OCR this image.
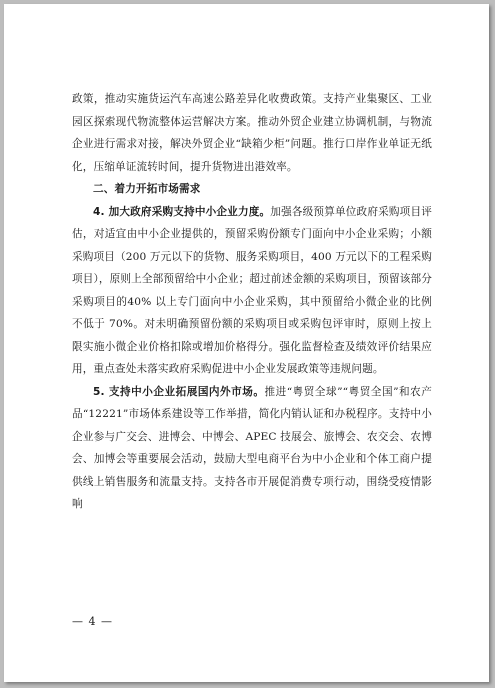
政策，推动实施货运汽车高速公路差异化收费政策。支持产业集聚区、工业园区探索现代物流整体运营解决方案。推动外贸企业建立协调机制，与物流企业进行需求对接，解决外贸企业“缺箱少柜”问题。推行口岸作业单证无纸化，压缩单证流转时间，提升货物进出港效率。

二、着力开拓市场需求

4. 加大政府采购支持中小企业力度。加强各级预算单位政府采购项目评估，对适宜由中小企业提供的，预留采购份额专门面向中小企业采购；小额采购项目（200 万元以下的货物、服务采购项目，400 万元以下的工程采购项目），原则上全部预留给中小企业；超过前述金额的采购项目，预留该部分采购项目的40% 以上专门面向中小企业采购，其中预留给小微企业的比例不低于 70%。对未明确预留份额的采购项目或采购包评审时，原则上按上限实施小微企业价格扣除或增加价格得分。强化监督检查及绩效评价结果应用，重点查处未落实政府采购促进中小企业发展政策等违规问题。

5. 支持中小企业拓展国内外市场。推进“粤贸全球”“粤贸全国”和农产品“12221”市场体系建设等工作举措，简化内销认证和办税程序。支持中小企业参与广交会、进博会、中博会、APEC 技展会、旅博会、农交会、农博会、加博会等重要展会活动，鼓励大型电商平台为中小企业和个体工商户提供线上销售服务和流量支持。支持各市开展促消费专项行动，围绕受疫情影响

— 4 —
